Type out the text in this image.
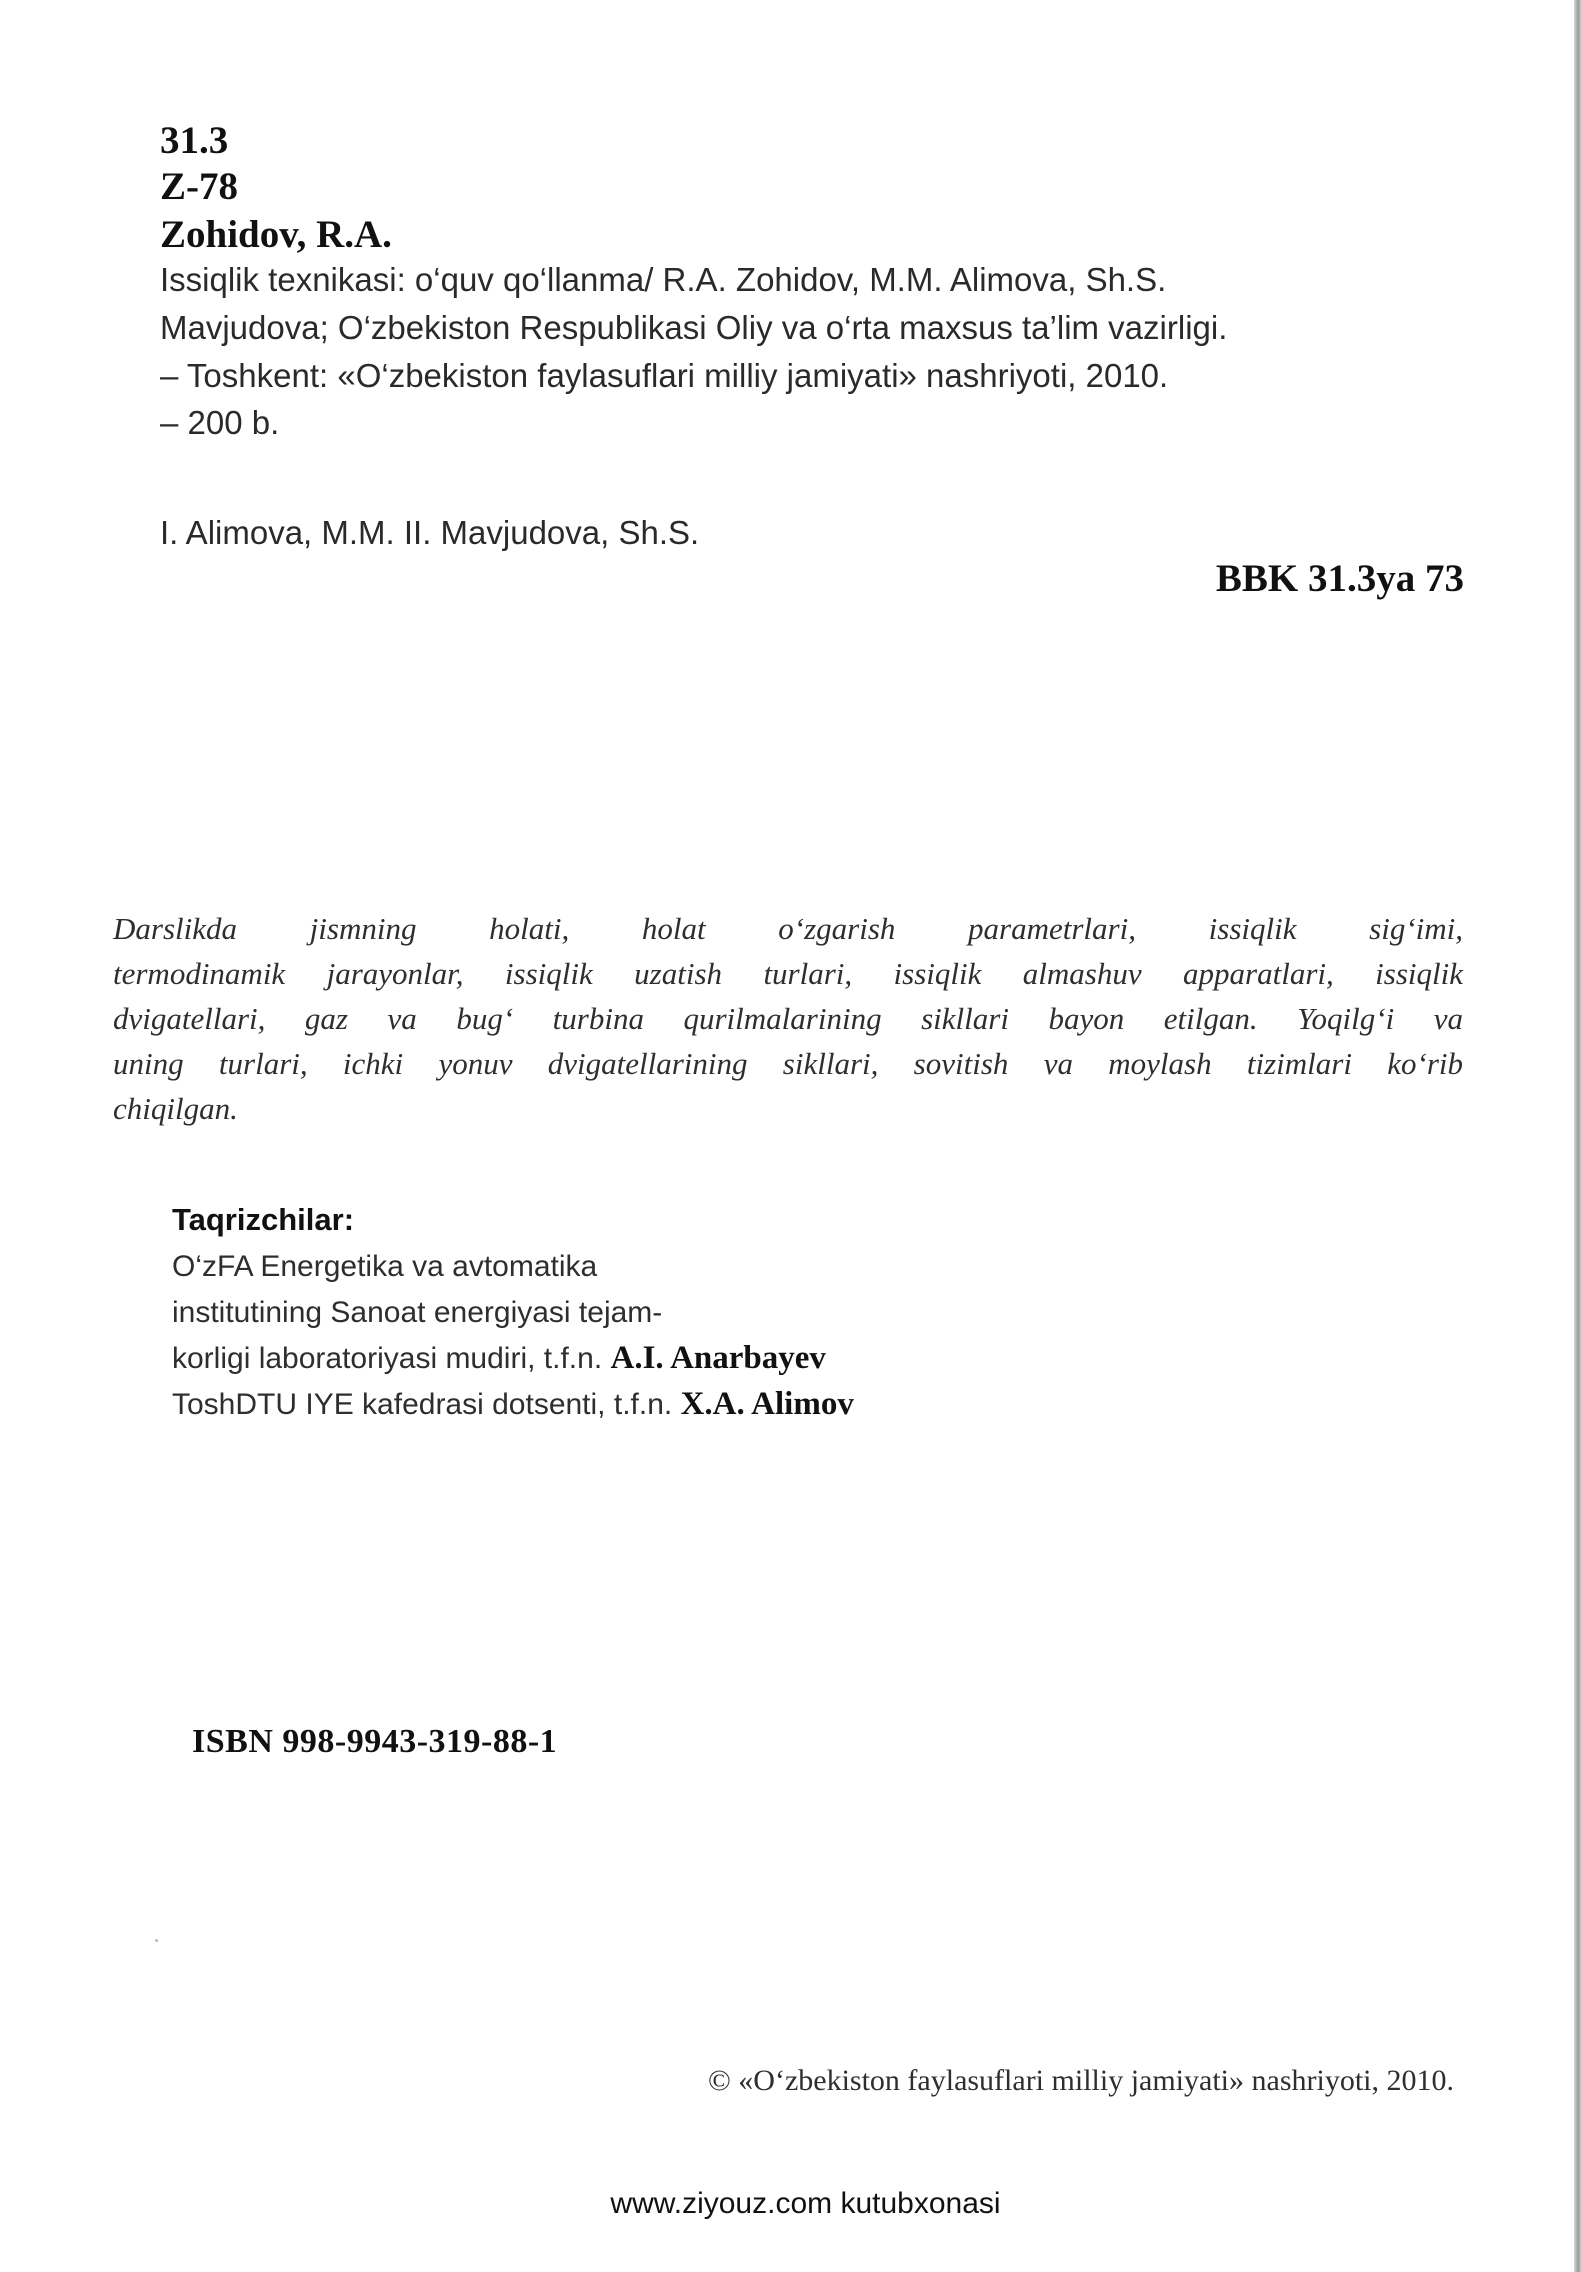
31.3
Z-78
Zohidov, R.A.
Issiqlik texnikasi: o‘quv qo‘llanma/ R.A. Zohidov, M.M. Alimova, Sh.S.
Mavjudova; O‘zbekiston Respublikasi Oliy va o‘rta maxsus ta’lim vazirligi.
– Toshkent: «O‘zbekiston faylasuflari milliy jamiyati» nashriyoti, 2010.
– 200 b.
I. Alimova, M.M. II. Mavjudova, Sh.S.
BBK 31.3ya 73
Darslikda jismning holati, holat o‘zgarish parametrlari, issiqlik sig‘imi,
termodinamik jarayonlar, issiqlik uzatish turlari, issiqlik almashuv apparatlari, issiqlik
dvigatellari, gaz va bug‘ turbina qurilmalarining sikllari bayon etilgan. Yoqilg‘i va
uning turlari, ichki yonuv dvigatellarining sikllari, sovitish va moylash tizimlari ko‘rib
chiqilgan.
Taqrizchilar:
O‘zFA Energetika va avtomatika
institutining Sanoat energiyasi tejam-
korligi laboratoriyasi mudiri, t.f.n. A.I. Anarbayev
ToshDTU IYE kafedrasi dotsenti, t.f.n. X.A. Alimov
ISBN 998-9943-319-88-1
© «O‘zbekiston faylasuflari milliy jamiyati» nashriyoti, 2010.
www.ziyouz.com kutubxonasi
